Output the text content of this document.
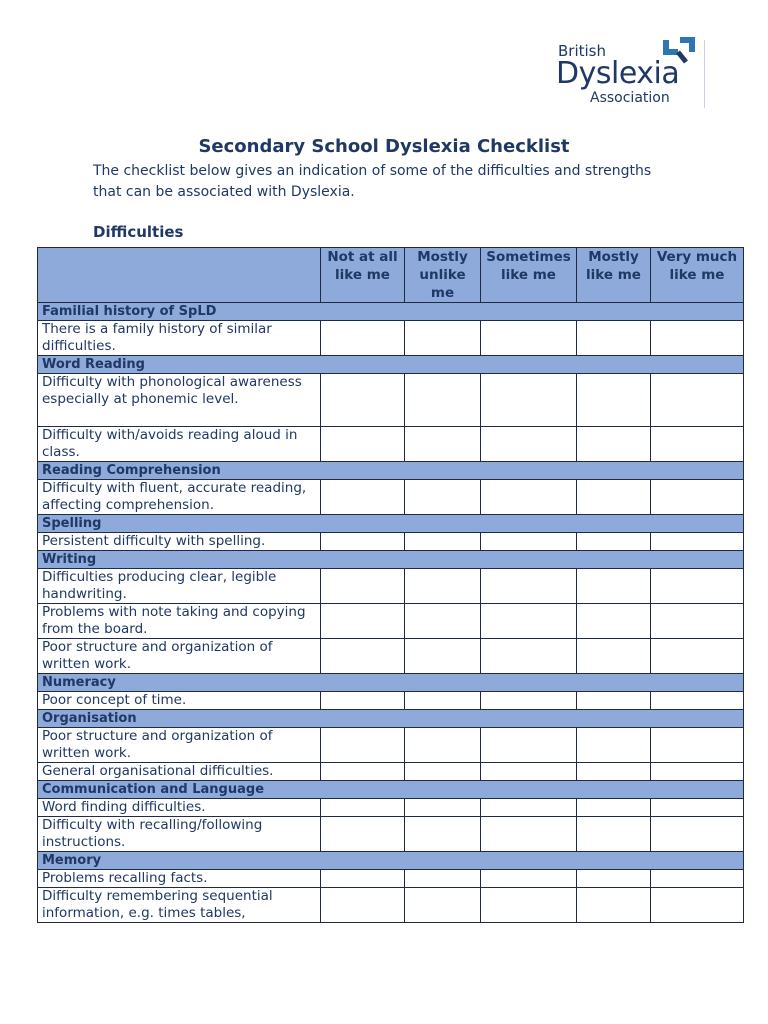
British
Dyslexia
Association
Secondary School Dyslexia Checklist

The checklist below gives an indication of some of the difficulties and strengths that can be associated with Dyslexia.

Difficulties
	Not at all like me	Mostly unlike me	Sometimes like me	Mostly like me	Very much like me
Familial history of SpLD					
There is a family history of similar difficulties.					
Word Reading					
Difficulty with phonological awareness especially at phonemic level.					
Difficulty with/avoids reading aloud in class.					
Reading Comprehension					
Difficulty with fluent, accurate reading, affecting comprehension.					
Spelling					
Persistent difficulty with spelling.					
Writing					
Difficulties producing clear, legible handwriting.					
Problems with note taking and copying from the board.					
Poor structure and organization of written work.					
Numeracy					
Poor concept of time.					
Organisation					
Poor structure and organization of written work.					
General organisational difficulties.					
Communication and Language					
Word finding difficulties.					
Difficulty with recalling/following instructions.					
Memory					
Problems recalling facts.					
Difficulty remembering sequential information, e.g. times tables,					
